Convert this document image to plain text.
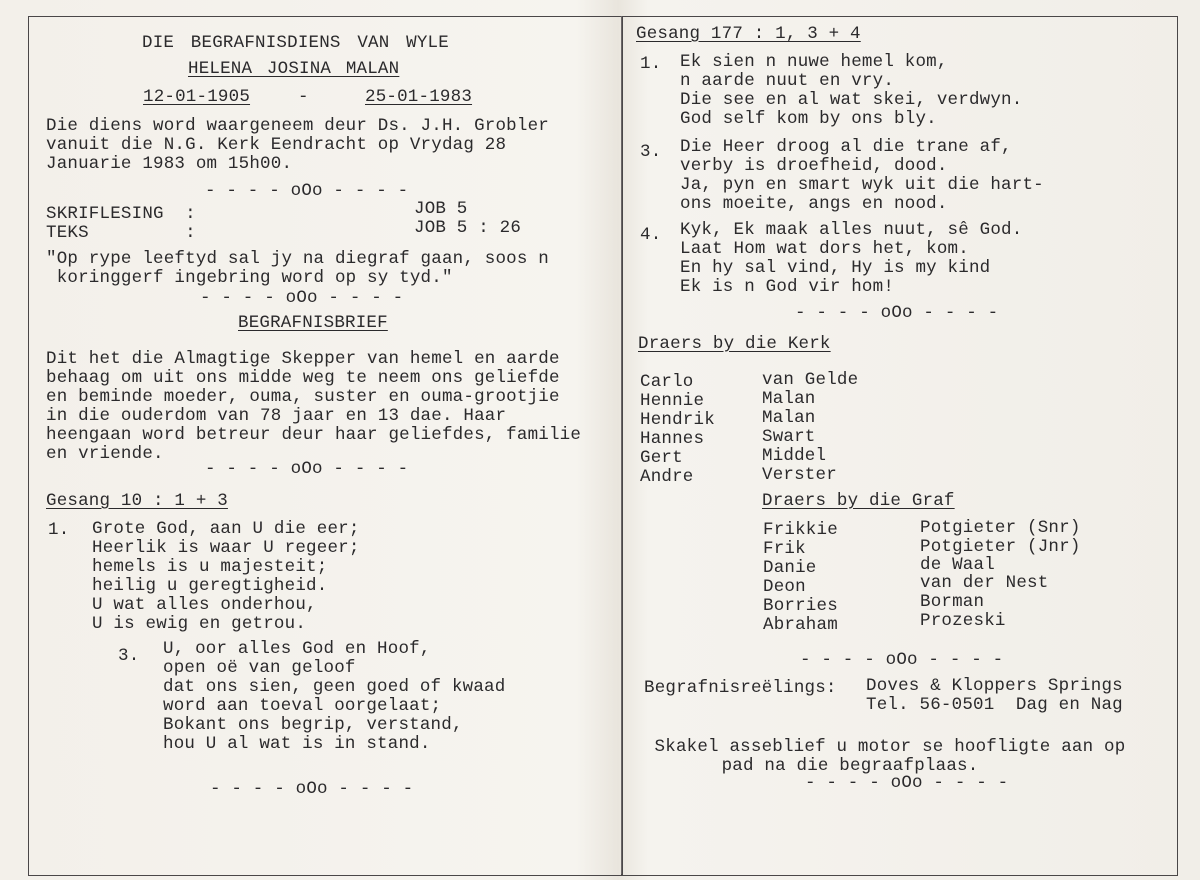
DIE BEGRAFNISDIENS VAN WYLE
HELENA JOSINA MALAN
12-01-1905	-	25-01-1983
Die diens word waargeneem deur Ds. J.H. Grobler
vanuit die N.G. Kerk Eendracht op Vrydag 28
Januarie 1983 om 15h00.
- - - - oOo - - - -
SKRIFLESING  :	JOB 5
TEKS         :	JOB 5 : 26
"Op rype leeftyd sal jy na diegraf gaan, soos n
koringgerf ingebring word op sy tyd."
- - - - oOo - - - -
BEGRAFNISBRIEF
Dit het die Almagtige Skepper van hemel en aarde
behaag om uit ons midde weg te neem ons geliefde
en beminde moeder, ouma, suster en ouma-grootjie
in die ouderdom van 78 jaar en 13 dae. Haar
heengaan word betreur deur haar geliefdes, familie
en vriende.
- - - - oOo - - - -
Gesang 10 : 1 + 3
1. Grote God, aan U die eer;
Heerlik is waar U regeer;
hemels is u majesteit;
heilig u geregtigheid.
U wat alles onderhou,
U is ewig en getrou.
3. U, oor alles God en Hoof,
open oë van geloof
dat ons sien, geen goed of kwaad
word aan toeval oorgelaat;
Bokant ons begrip, verstand,
hou U al wat is in stand.
- - - - oOo - - - -
Gesang 177 : 1, 3 + 4
1. Ek sien n nuwe hemel kom,
n aarde nuut en vry.
Die see en al wat skei, verdwyn.
God self kom by ons bly.
3. Die Heer droog al die trane af,
verby is droefheid, dood.
Ja, pyn en smart wyk uit die hart-
ons moeite, angs en nood.
4. Kyk, Ek maak alles nuut, sê God.
Laat Hom wat dors het, kom.
En hy sal vind, Hy is my kind
Ek is n God vir hom!
- - - - oOo - - - -
Draers by die Kerk
Carlo	van Gelde
Hennie	Malan
Hendrik	Malan
Hannes	Swart
Gert	Middel
Andre	Verster
Draers by die Graf
Frikkie	Potgieter (Snr)
Frik	Potgieter (Jnr)
Danie	de Waal
Deon	van der Nest
Borries	Borman
Abraham	Prozeski
- - - - oOo - - - -
Begrafnisreëlings: Doves & Kloppers Springs
Tel. 56-0501  Dag en Nag
Skakel asseblief u motor se hoofligte aan op
pad na die begraafplaas.
- - - - oOo - - - -
